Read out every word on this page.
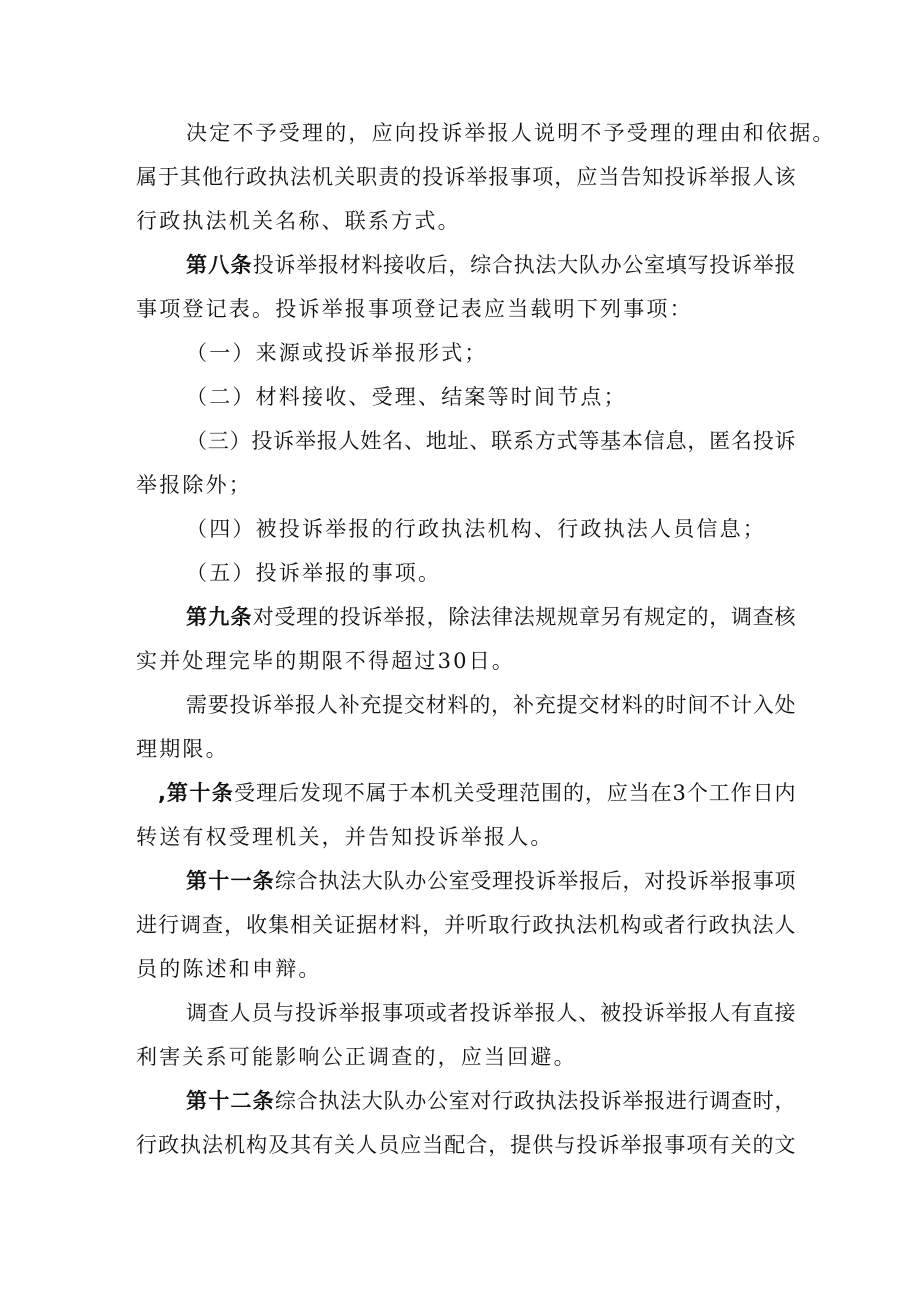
决定不予受理的，应向投诉举报人说明不予受理的理由和依据。
属于其他行政执法机关职责的投诉举报事项，应当告知投诉举报人该
行政执法机关名称、联系方式。
第八条投诉举报材料接收后，综合执法大队办公室填写投诉举报
事项登记表。投诉举报事项登记表应当载明下列事项：
（一）来源或投诉举报形式；
（二）材料接收、受理、结案等时间节点；
（三）投诉举报人姓名、地址、联系方式等基本信息，匿名投诉
举报除外；
（四）被投诉举报的行政执法机构、行政执法人员信息；
（五）投诉举报的事项。
第九条对受理的投诉举报，除法律法规规章另有规定的，调查核
实并处理完毕的期限不得超过30日。
需要投诉举报人补充提交材料的，补充提交材料的时间不计入处
理期限。
,第十条受理后发现不属于本机关受理范围的，应当在3个工作日内
转送有权受理机关，并告知投诉举报人。
第十一条综合执法大队办公室受理投诉举报后，对投诉举报事项
进行调查，收集相关证据材料，并听取行政执法机构或者行政执法人
员的陈述和申辩。
调查人员与投诉举报事项或者投诉举报人、被投诉举报人有直接
利害关系可能影响公正调查的，应当回避。
第十二条综合执法大队办公室对行政执法投诉举报进行调查时，
行政执法机构及其有关人员应当配合，提供与投诉举报事项有关的文
